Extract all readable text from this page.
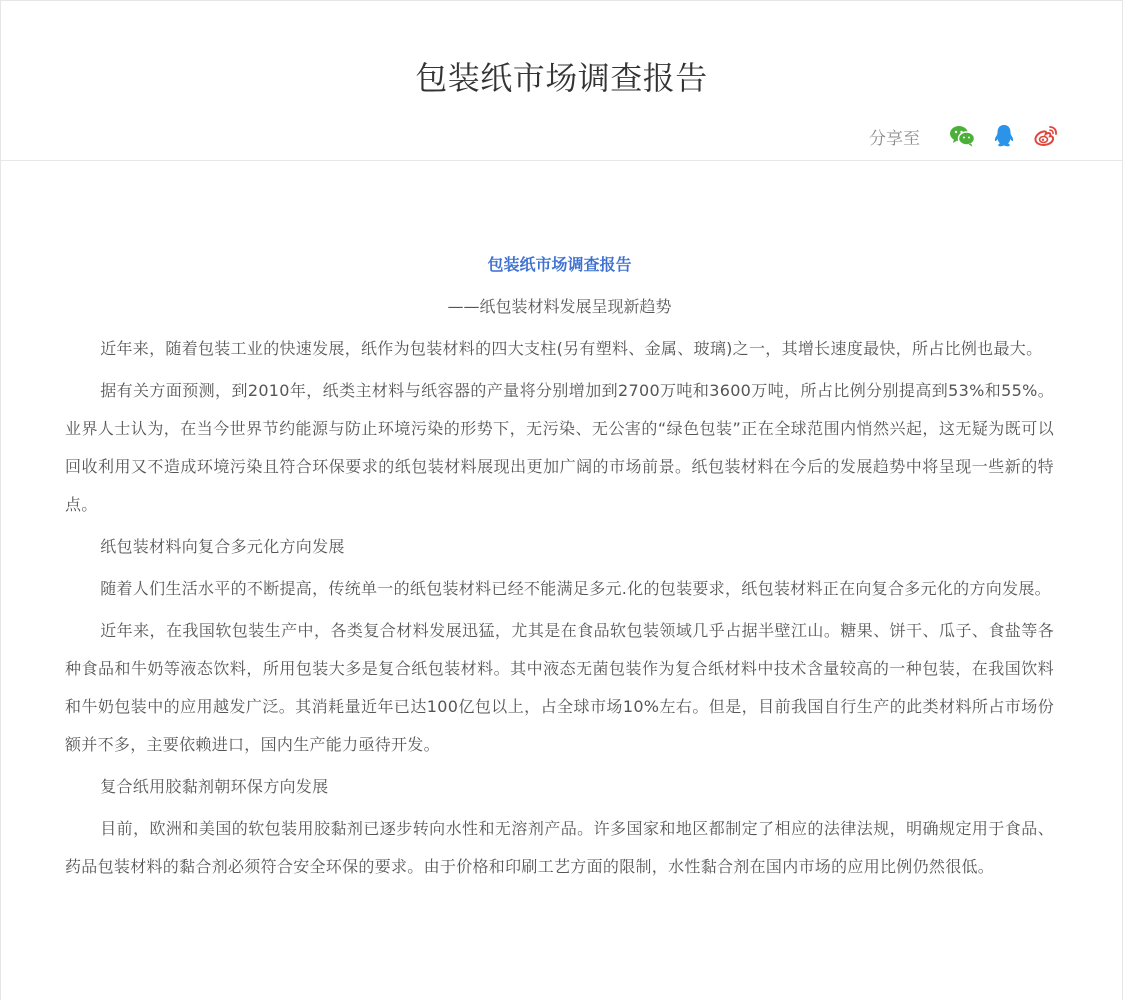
包装纸市场调查报告
分享至
包装纸市场调查报告
——纸包装材料发展呈现新趋势

近年来，随着包装工业的快速发展，纸作为包装材料的四大支柱(另有塑料、金属、玻璃)之一，其增长速度最快，所占比例也最大。

据有关方面预测，到2010年，纸类主材料与纸容器的产量将分别增加到2700万吨和3600万吨，所占比例分别提高到53%和55%。业界人士认为，在当今世界节约能源与防止环境污染的形势下，无污染、无公害的“绿色包装”正在全球范围内悄然兴起，这无疑为既可以回收利用又不造成环境污染且符合环保要求的纸包装材料展现出更加广阔的市场前景。纸包装材料在今后的发展趋势中将呈现一些新的特点。

纸包装材料向复合多元化方向发展

随着人们生活水平的不断提高，传统单一的纸包装材料已经不能满足多元.化的包装要求，纸包装材料正在向复合多元化的方向发展。

近年来，在我国软包装生产中，各类复合材料发展迅猛，尤其是在食品软包装领域几乎占据半壁江山。糖果、饼干、瓜子、食盐等各种食品和牛奶等液态饮料，所用包装大多是复合纸包装材料。其中液态无菌包装作为复合纸材料中技术含量较高的一种包装，在我国饮料和牛奶包装中的应用越发广泛。其消耗量近年已达100亿包以上，占全球市场10%左右。但是，目前我国自行生产的此类材料所占市场份额并不多，主要依赖进口，国内生产能力亟待开发。

复合纸用胶黏剂朝环保方向发展

目前，欧洲和美国的软包装用胶黏剂已逐步转向水性和无溶剂产品。许多国家和地区都制定了相应的法律法规，明确规定用于食品、药品包装材料的黏合剂必须符合安全环保的要求。由于价格和印刷工艺方面的限制，水性黏合剂在国内市场的应用比例仍然很低。
